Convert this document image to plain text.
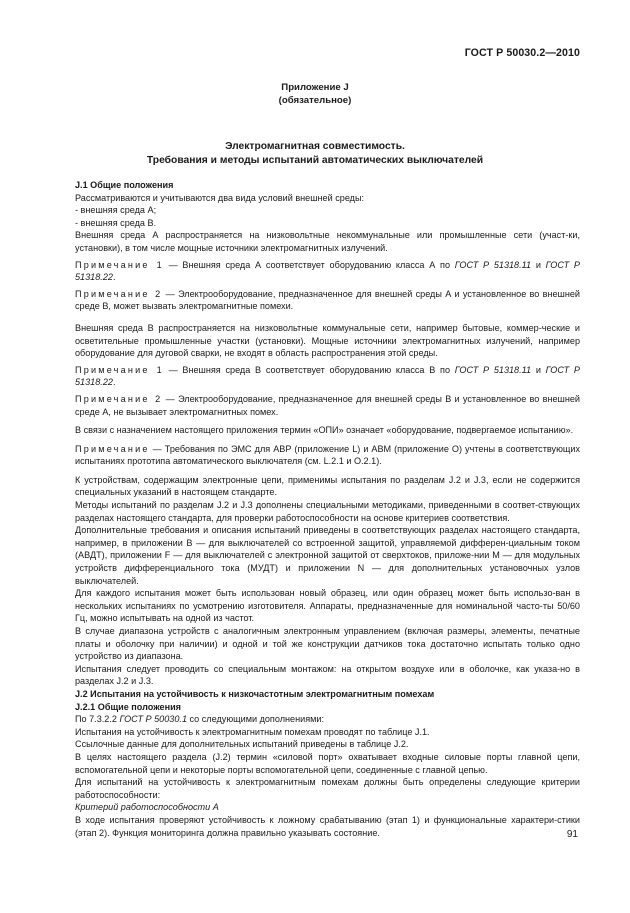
ГОСТ Р 50030.2—2010
Приложение J
(обязательное)
Электромагнитная совместимость.
Требования и методы испытаний автоматических выключателей

J.1 Общие положения

Рассматриваются и учитываются два вида условий внешней среды:

- внешняя среда А;

- внешняя среда В.

Внешняя среда А распространяется на низковольтные некоммунальные или промышленные сети (участ-ки, установки), в том числе мощные источники электромагнитных излучений.

Примечание 1 — Внешняя среда А соответствует оборудованию класса А по ГОСТ Р 51318.11 и ГОСТ Р 51318.22.

Примечание 2 — Электрооборудование, предназначенное для внешней среды А и установленное во внешней среде В, может вызвать электромагнитные помехи.

Внешняя среда В распространяется на низковольтные коммунальные сети, например бытовые, коммер-ческие и осветительные промышленные участки (установки). Мощные источники электромагнитных излучений, например оборудование для дуговой сварки, не входят в область распространения этой среды.

Примечание 1 — Внешняя среда В соответствует оборудованию класса В по ГОСТ Р 51318.11 и ГОСТ Р 51318.22.

Примечание 2 — Электрооборудование, предназначенное для внешней среды В и установленное во внешней среде А, не вызывает электромагнитных помех.

В связи с назначением настоящего приложения термин «ОПИ» означает «оборудование, подвергаемое испытанию».

Примечание — Требования по ЭМС для АВР (приложение L) и АВМ (приложение О) учтены в соответствующих испытаниях прототипа автоматического выключателя (см. L.2.1 и О.2.1).

К устройствам, содержащим электронные цепи, применимы испытания по разделам J.2 и J.3, если не содержится специальных указаний в настоящем стандарте.

Методы испытаний по разделам J.2 и J.3 дополнены специальными методиками, приведенными в соответ-ствующих разделах настоящего стандарта, для проверки работоспособности на основе критериев соответствия.

Дополнительные требования и описания испытаний приведены в соответствующих разделах настоящего стандарта, например, в приложении В — для выключателей со встроенной защитой, управляемой дифферен-циальным током (АВДТ), приложении F — для выключателей с электронной защитой от сверхтоков, приложе-нии М — для модульных устройств дифференциального тока (МУДТ) и приложении N — для дополнительных установочных узлов выключателей.

Для каждого испытания может быть использован новый образец, или один образец может быть использо-ван в нескольких испытаниях по усмотрению изготовителя. Аппараты, предназначенные для номинальной часто-ты 50/60 Гц, можно испытывать на одной из частот.

В случае диапазона устройств с аналогичным электронным управлением (включая размеры, элементы, печатные платы и оболочку при наличии) и одной и той же конструкции датчиков тока достаточно испытать только одно устройство из диапазона.

Испытания следует проводить со специальным монтажом: на открытом воздухе или в оболочке, как указа-но в разделах J.2 и J.3.

J.2 Испытания на устойчивость к низкочастотным электромагнитным помехам

J.2.1 Общие положения

По 7.3.2.2 ГОСТ Р 50030.1 со следующими дополнениями:

Испытания на устойчивость к электромагнитным помехам проводят по таблице J.1.

Ссылочные данные для дополнительных испытаний приведены в таблице J.2.

В целях настоящего раздела (J.2) термин «силовой порт» охватывает входные силовые порты главной цепи, вспомогательной цепи и некоторые порты вспомогательной цепи, соединенные с главной цепью.

Для испытаний на устойчивость к электромагнитным помехам должны быть определены следующие критерии работоспособности:

Критерий работоспособности А

В ходе испытания проверяют устойчивость к ложному срабатыванию (этап 1) и функциональные характери-стики (этап 2). Функция мониторинга должна правильно указывать состояние.	91
